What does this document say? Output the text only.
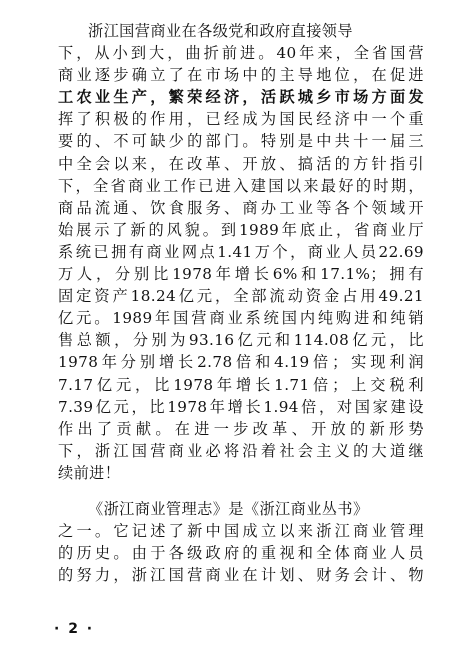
浙江国营商业在各级党和政府直接领导
下，从小到大，曲折前进。40年来，全省国营
商业逐步确立了在市场中的主导地位，在促进
工农业生产，繁荣经济，活跃城乡市场方面发
挥了积极的作用，已经成为国民经济中一个重
要的、不可缺少的部门。特别是中共十一届三
中全会以来，在改革、开放、搞活的方针指引
下，全省商业工作已进入建国以来最好的时期，
商品流通、饮食服务、商办工业等各个领域开
始展示了新的风貌。到1989年底止，省商业厅
系统已拥有商业网点1.41万个，商业人员22.69
万人，分别比1978年增长6%和17.1%；拥有
固定资产18.24亿元，全部流动资金占用49.21
亿元。1989年国营商业系统国内纯购进和纯销
售总额，分别为93.16亿元和114.08亿元，比
1978年分别增长2.78倍和4.19倍；实现利润
7.17亿元，比1978年增长1.71倍；上交税利
7.39亿元，比1978年增长1.94倍，对国家建设
作出了贡献。在进一步改革、开放的新形势
下，浙江国营商业必将沿着社会主义的大道继
续前进！
《浙江商业管理志》是《浙江商业丛书》
之一。它记述了新中国成立以来浙江商业管理
的历史。由于各级政府的重视和全体商业人员
的努力，浙江国营商业在计划、财务会计、物
· 2 ·
